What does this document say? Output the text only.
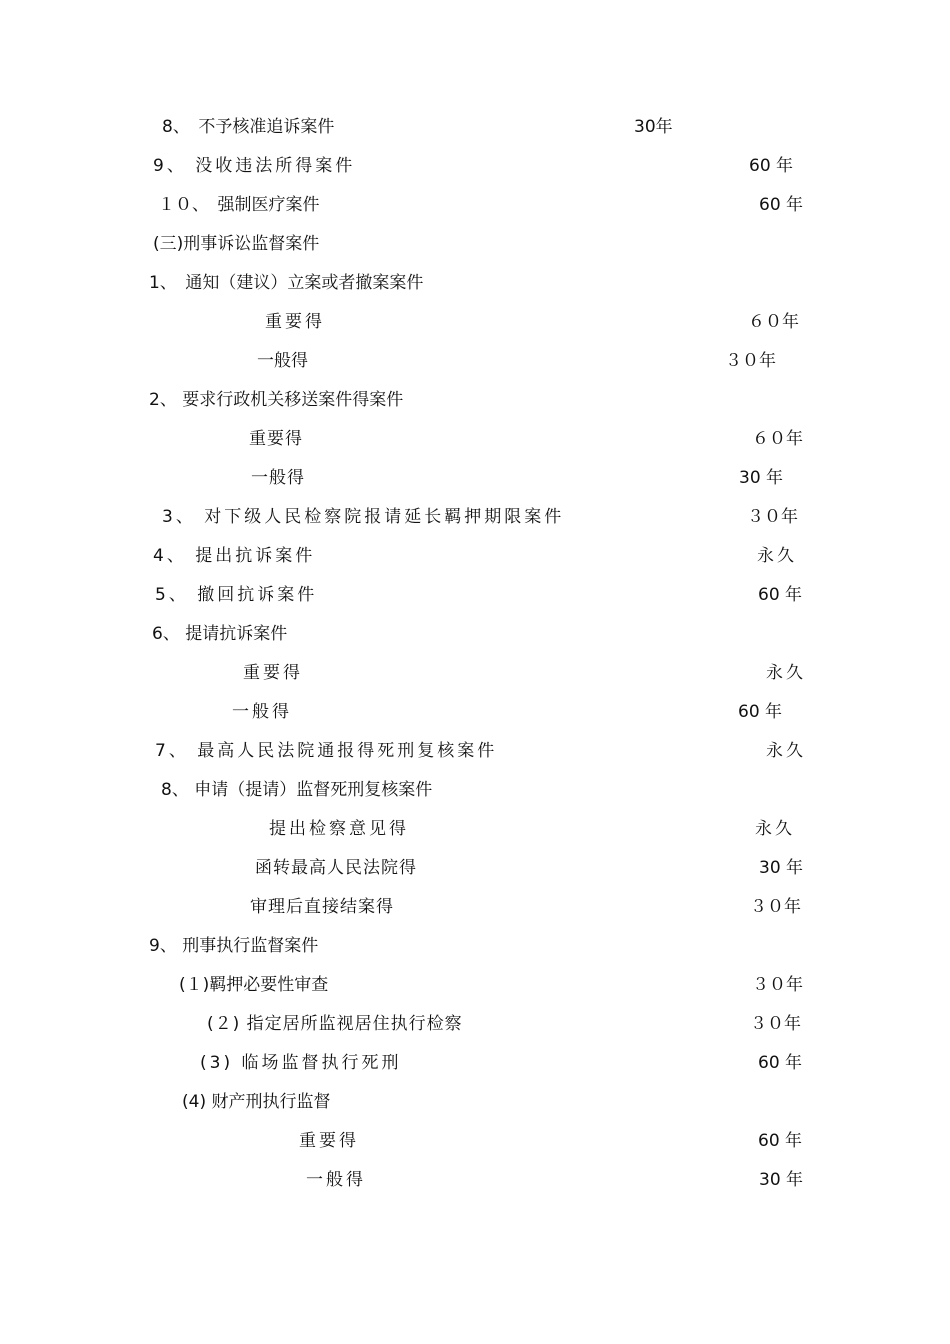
8、　不予核准追诉案件	30年
9、 没收违法所得案件	60 年
１０、　强制医疗案件	60 年
(三)刑事诉讼监督案件
1、　通知（建议）立案或者撤案案件
重要得	６０年
一般得	３０年
2、 要求行政机关移送案件得案件
重要得	６０年
一般得	30 年
3、 对下级人民检察院报请延长羁押期限案件	３０年
4、 提出抗诉案件	永久
5、 撤回抗诉案件	60 年
6、 提请抗诉案件
重要得	永久
一般得	60 年
7、 最高人民法院通报得死刑复核案件	永久
8、 申请（提请）监督死刑复核案件
提出检察意见得	永久
函转最高人民法院得	30 年
审理后直接结案得	３０年
9、 刑事执行监督案件
(１)羁押必要性审查	３０年
(２) 指定居所监视居住执行检察	３０年
(3) 临场监督执行死刑	60 年
(4) 财产刑执行监督
重要得	60 年
一般得	30 年
